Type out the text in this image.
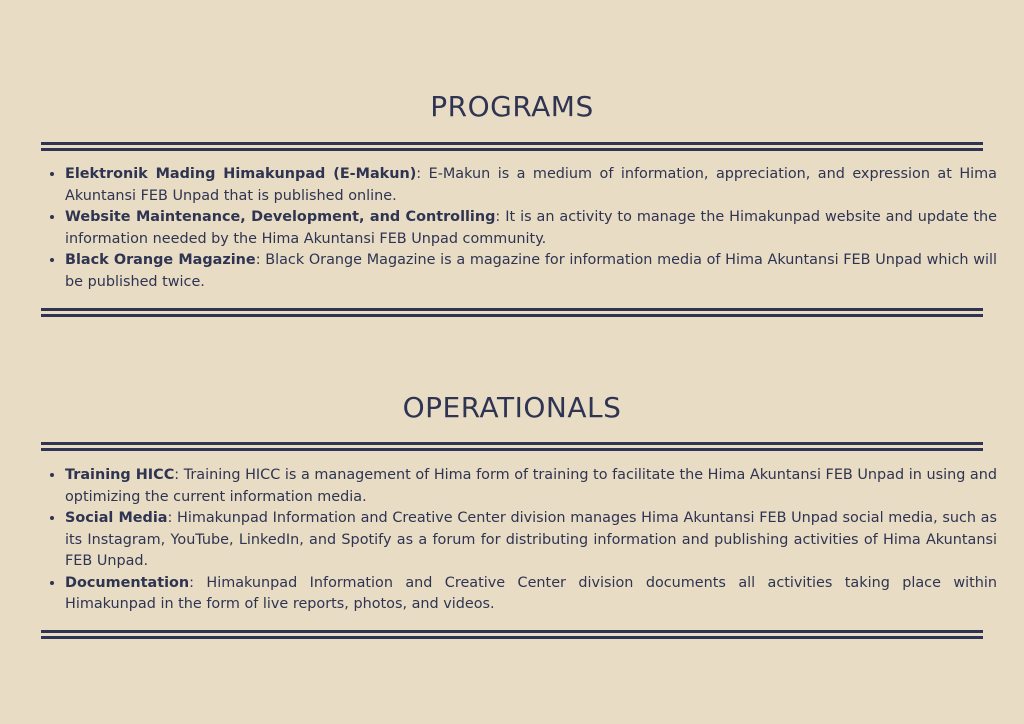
PROGRAMS
• Elektronik Mading Himakunpad (E-Makun): E-Makun is a medium of information, appreciation, and expression at Hima Akuntansi FEB Unpad that is published online.
• Website Maintenance, Development, and Controlling: It is an activity to manage the Himakunpad website and update the information needed by the Hima Akuntansi FEB Unpad community.
• Black Orange Magazine: Black Orange Magazine is a magazine for information media of Hima Akuntansi FEB Unpad which will be published twice.
OPERATIONALS
• Training HICC: Training HICC is a management of Hima form of training to facilitate the Hima Akuntansi FEB Unpad in using and optimizing the current information media.
• Social Media: Himakunpad Information and Creative Center division manages Hima Akuntansi FEB Unpad social media, such as its Instagram, YouTube, LinkedIn, and Spotify as a forum for distributing information and publishing activities of Hima Akuntansi FEB Unpad.
• Documentation: Himakunpad Information and Creative Center division documents all activities taking place within Himakunpad in the form of live reports, photos, and videos.
